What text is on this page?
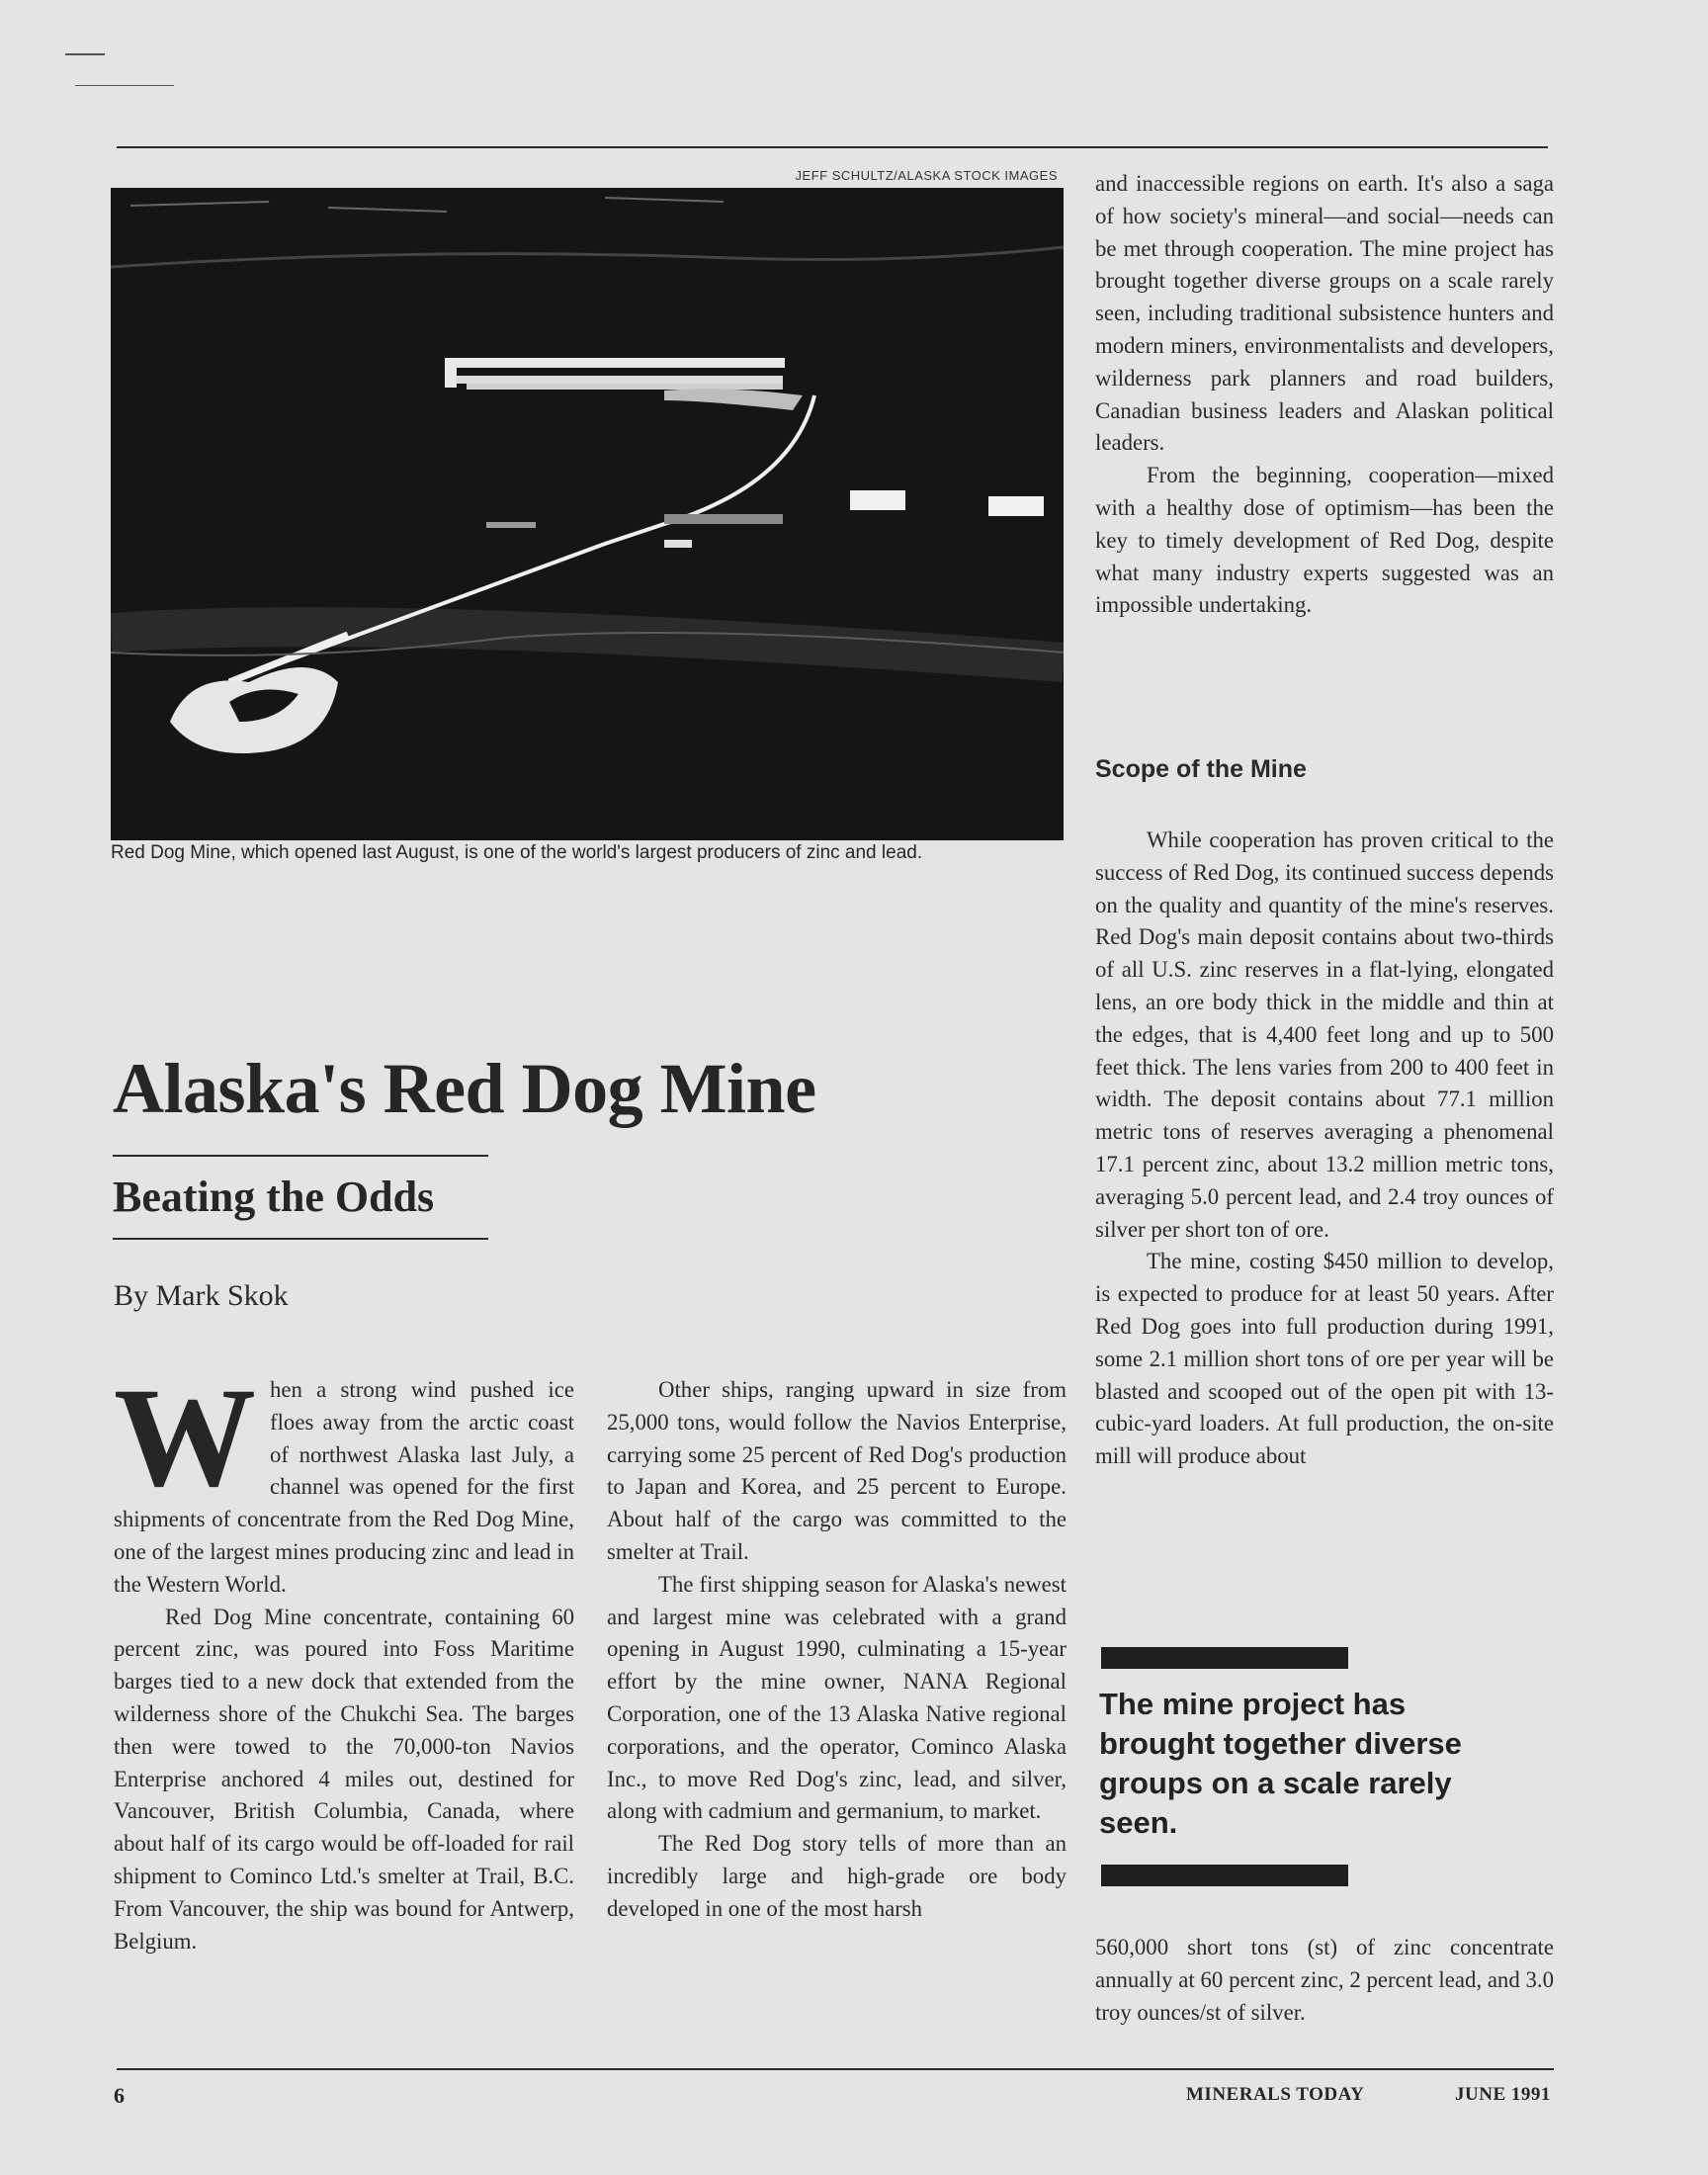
JEFF SCHULTZ/ALASKA STOCK IMAGES
Red Dog Mine, which opened last August, is one of the world's largest producers of zinc and lead.
Alaska's Red Dog Mine
Beating the Odds
By Mark Skok

When a strong wind pushed ice floes away from the arctic coast of northwest Alaska last July, a channel was opened for the first shipments of concentrate from the Red Dog Mine, one of the largest mines producing zinc and lead in the Western World.

Red Dog Mine concentrate, containing 60 percent zinc, was poured into Foss Maritime barges tied to a new dock that extended from the wilderness shore of the Chukchi Sea. The barges then were towed to the 70,000-ton Navios Enterprise anchored 4 miles out, destined for Vancouver, British Columbia, Canada, where about half of its cargo would be off-loaded for rail shipment to Cominco Ltd.'s smelter at Trail, B.C. From Vancouver, the ship was bound for Antwerp, Belgium.

Other ships, ranging upward in size from 25,000 tons, would follow the Navios Enterprise, carrying some 25 percent of Red Dog's production to Japan and Korea, and 25 percent to Europe. About half of the cargo was committed to the smelter at Trail.

The first shipping season for Alaska's newest and largest mine was celebrated with a grand opening in August 1990, culminating a 15-year effort by the mine owner, NANA Regional Corporation, one of the 13 Alaska Native regional corporations, and the operator, Cominco Alaska Inc., to move Red Dog's zinc, lead, and silver, along with cadmium and germanium, to market.

The Red Dog story tells of more than an incredibly large and high-grade ore body developed in one of the most harsh

and inaccessible regions on earth. It's also a saga of how society's mineral—and social—needs can be met through cooperation. The mine project has brought together diverse groups on a scale rarely seen, including traditional subsistence hunters and modern miners, environmentalists and developers, wilderness park planners and road builders, Canadian business leaders and Alaskan political leaders.

From the beginning, cooperation—mixed with a healthy dose of optimism—has been the key to timely development of Red Dog, despite what many industry experts suggested was an impossible undertaking.

Scope of the Mine

While cooperation has proven critical to the success of Red Dog, its continued success depends on the quality and quantity of the mine's reserves. Red Dog's main deposit contains about two-thirds of all U.S. zinc reserves in a flat-lying, elongated lens, an ore body thick in the middle and thin at the edges, that is 4,400 feet long and up to 500 feet thick. The lens varies from 200 to 400 feet in width. The deposit contains about 77.1 million metric tons of reserves averaging a phenomenal 17.1 percent zinc, about 13.2 million metric tons, averaging 5.0 percent lead, and 2.4 troy ounces of silver per short ton of ore.

The mine, costing $450 million to develop, is expected to produce for at least 50 years. After Red Dog goes into full production during 1991, some 2.1 million short tons of ore per year will be blasted and scooped out of the open pit with 13-cubic-yard loaders. At full production, the on-site mill will produce about

The mine project has brought together diverse groups on a scale rarely seen.

560,000 short tons (st) of zinc concentrate annually at 60 percent zinc, 2 percent lead, and 3.0 troy ounces/st of silver.

6	MINERALS TODAY	JUNE 1991
